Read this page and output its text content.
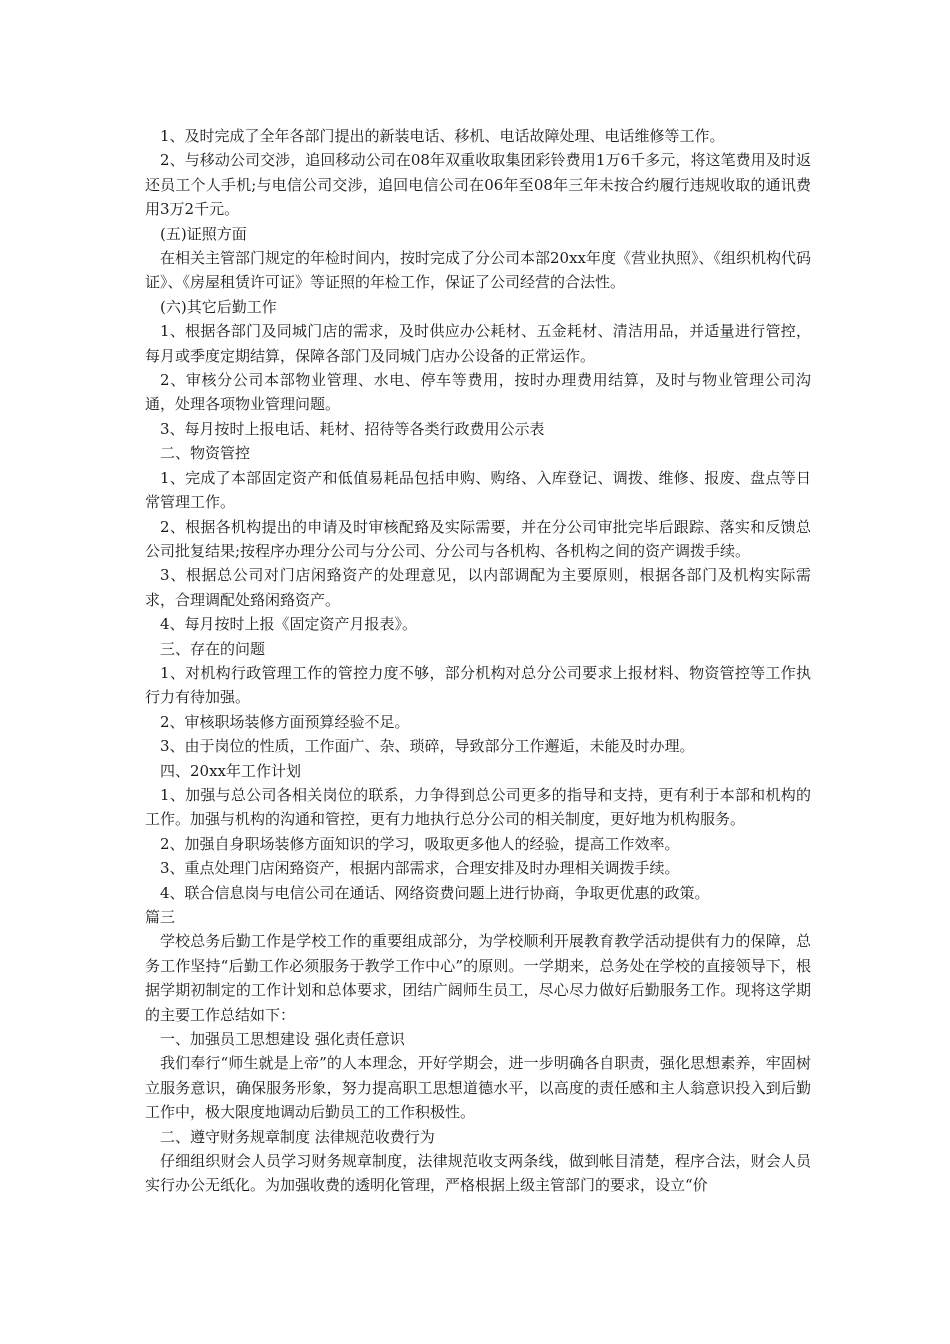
1、及时完成了全年各部门提出的新装电话、移机、电话故障处理、电话维修等工作。

2、与移动公司交涉，追回移动公司在08年双重收取集团彩铃费用1万6千多元，将这笔费用及时返还员工个人手机;与电信公司交涉，追回电信公司在06年至08年三年未按合约履行违规收取的通讯费用3万2千元。

(五)证照方面

在相关主管部门规定的年检时间内，按时完成了分公司本部20xx年度《营业执照》、《组织机构代码证》、《房屋租赁许可证》等证照的年检工作，保证了公司经营的合法性。

(六)其它后勤工作

1、根据各部门及同城门店的需求，及时供应办公耗材、五金耗材、清洁用品，并适量进行管控，每月或季度定期结算，保障各部门及同城门店办公设备的正常运作。

2、审核分公司本部物业管理、水电、停车等费用，按时办理费用结算，及时与物业管理公司沟通，处理各项物业管理问题。

3、每月按时上报电话、耗材、招待等各类行政费用公示表

二、物资管控

1、完成了本部固定资产和低值易耗品包括申购、购络、入库登记、调拨、维修、报废、盘点等日常管理工作。

2、根据各机构提出的申请及时审核配臵及实际需要，并在分公司审批完毕后跟踪、落实和反馈总公司批复结果;按程序办理分公司与分公司、分公司与各机构、各机构之间的资产调拨手续。

3、根据总公司对门店闲臵资产的处理意见，以内部调配为主要原则，根据各部门及机构实际需求，合理调配处臵闲臵资产。

4、每月按时上报《固定资产月报表》。

三、存在的问题

1、对机构行政管理工作的管控力度不够，部分机构对总分公司要求上报材料、物资管控等工作执行力有待加强。

2、审核职场装修方面预算经验不足。

3、由于岗位的性质，工作面广、杂、琐碎，导致部分工作邂逅，未能及时办理。

四、20xx年工作计划

1、加强与总公司各相关岗位的联系，力争得到总公司更多的指导和支持，更有利于本部和机构的工作。加强与机构的沟通和管控，更有力地执行总分公司的相关制度，更好地为机构服务。

2、加强自身职场装修方面知识的学习，吸取更多他人的经验，提高工作效率。

3、重点处理门店闲臵资产，根据内部需求，合理安排及时办理相关调拨手续。

4、联合信息岗与电信公司在通话、网络资费问题上进行协商，争取更优惠的政策。

篇三

学校总务后勤工作是学校工作的重要组成部分，为学校顺利开展教育教学活动提供有力的保障，总务工作坚持“后勤工作必须服务于教学工作中心”的原则。一学期来，总务处在学校的直接领导下，根据学期初制定的工作计划和总体要求，团结广阔师生员工，尽心尽力做好后勤服务工作。现将这学期的主要工作总结如下：

一、加强员工思想建设 强化责任意识

我们奉行“师生就是上帝”的人本理念，开好学期会，进一步明确各自职责，强化思想素养，牢固树立服务意识，确保服务形象，努力提高职工思想道德水平，以高度的责任感和主人翁意识投入到后勤工作中，极大限度地调动后勤员工的工作积极性。

二、遵守财务规章制度 法律规范收费行为

仔细组织财会人员学习财务规章制度，法律规范收支两条线，做到帐目清楚，程序合法，财会人员实行办公无纸化。为加强收费的透明化管理，严格根据上级主管部门的要求，设立“价
